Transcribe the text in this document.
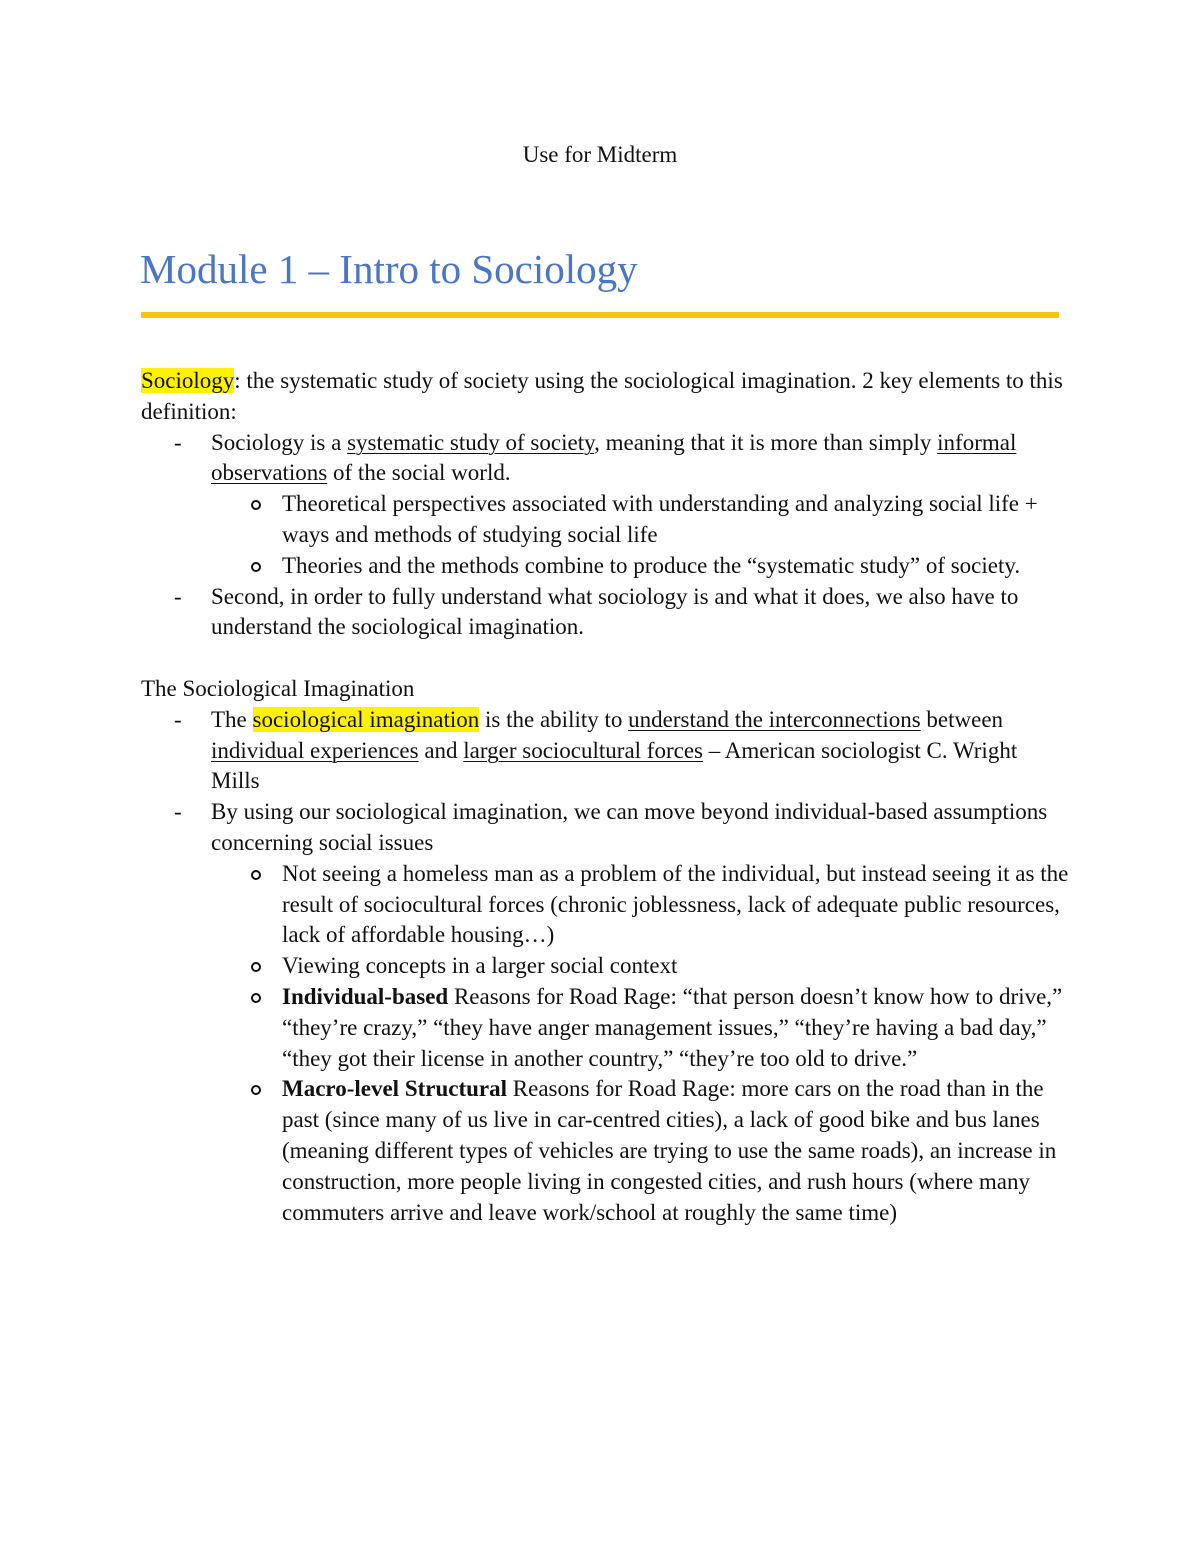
Use for Midterm
Module 1 – Intro to Sociology

Sociology: the systematic study of society using the sociological imagination. 2 key elements to this definition:

- Sociology is a systematic study of society, meaning that it is more than simply informal observations of the social world.
Theoretical perspectives associated with understanding and analyzing social life + ways and methods of studying social life
Theories and the methods combine to produce the “systematic study” of society.
- Second, in order to fully understand what sociology is and what it does, we also have to understand the sociological imagination.

The Sociological Imagination

- The sociological imagination is the ability to understand the interconnections between individual experiences and larger sociocultural forces – American sociologist C. Wright Mills
- By using our sociological imagination, we can move beyond individual-based assumptions concerning social issues
Not seeing a homeless man as a problem of the individual, but instead seeing it as the result of sociocultural forces (chronic joblessness, lack of adequate public resources, lack of affordable housing…)
Viewing concepts in a larger social context
Individual-based Reasons for Road Rage: “that person doesn’t know how to drive,” “they’re crazy,” “they have anger management issues,” “they’re having a bad day,” “they got their license in another country,” “they’re too old to drive.”
Macro-level Structural Reasons for Road Rage: more cars on the road than in the past (since many of us live in car-centred cities), a lack of good bike and bus lanes (meaning different types of vehicles are trying to use the same roads), an increase in construction, more people living in congested cities, and rush hours (where many commuters arrive and leave work/school at roughly the same time)
